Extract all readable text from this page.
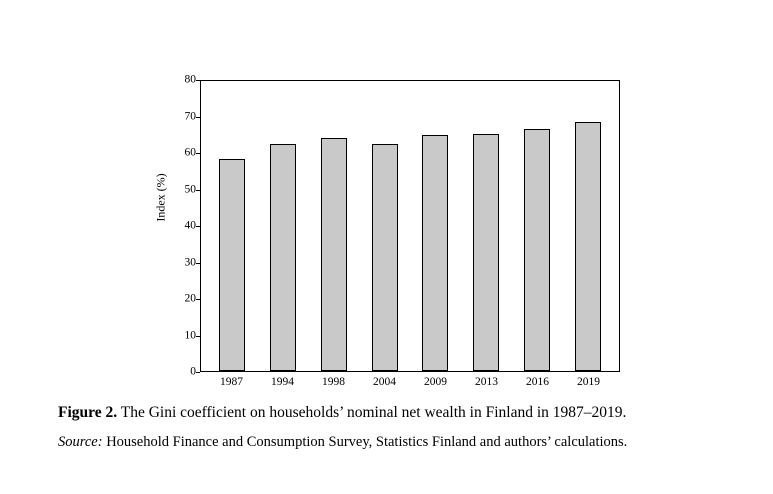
Index (%)
0
10
20
30
40
50
60
70
80
1987	1994	1998	2004	2009	2013	2016	2019
Figure 2. The Gini coefficient on households’ nominal net wealth in Finland in 1987–2019.
Source: Household Finance and Consumption Survey, Statistics Finland and authors’ calculations.
